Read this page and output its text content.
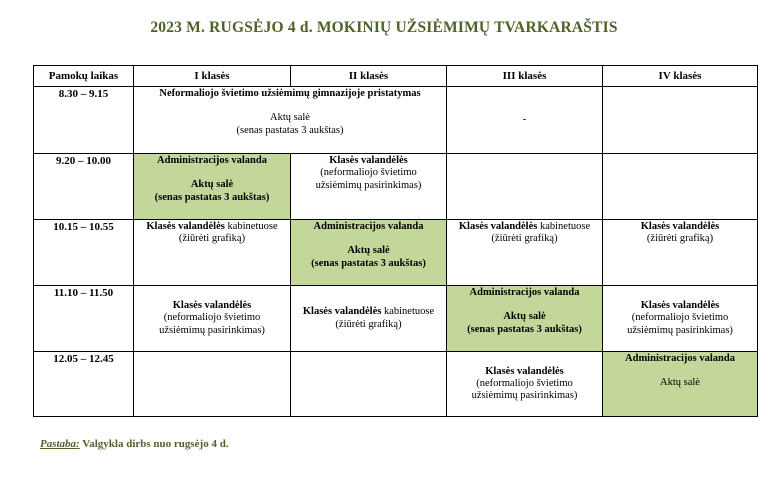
2023 M. RUGSĖJO 4 d. MOKINIŲ UŽSIĖMIMŲ TVARKARAŠTIS
Pamokų laikas	I klasės	II klasės	III klasės	IV klasės
8.30 – 9.15	Neformaliojo švietimo užsiėmimų gimnazijoje pristatymas
Aktų salė
(senas pastatas 3 aukštas)		-	
9.20 – 10.00	Administracijos valanda
Aktų salė
(senas pastatas 3 aukštas)	Klasės valandėlės
(neformaliojo švietimo
užsiėmimų pasirinkimas)		

10.15 – 10.55	Klasės valandėlės kabinetuose
(žiūrėti grafiką)	Administracijos valanda
Aktų salė
(senas pastatas 3 aukštas)	Klasės valandėlės kabinetuose
(žiūrėti grafiką)	Klasės valandėlės
(žiūrėti grafiką)

11.10 – 11.50	Klasės valandėlės
(neformaliojo švietimo
užsiėmimų pasirinkimas)	Klasės valandėlės kabinetuose
(žiūrėti grafiką)	Administracijos valanda
Aktų salė
(senas pastatas 3 aukštas)	Klasės valandėlės
(neformaliojo švietimo
užsiėmimų pasirinkimas)

12.05 – 12.45			Klasės valandėlės
(neformaliojo švietimo
užsiėmimų pasirinkimas)	Administracijos valanda
Aktų salė
Pastaba: Valgykla dirbs nuo rugsėjo 4 d.
